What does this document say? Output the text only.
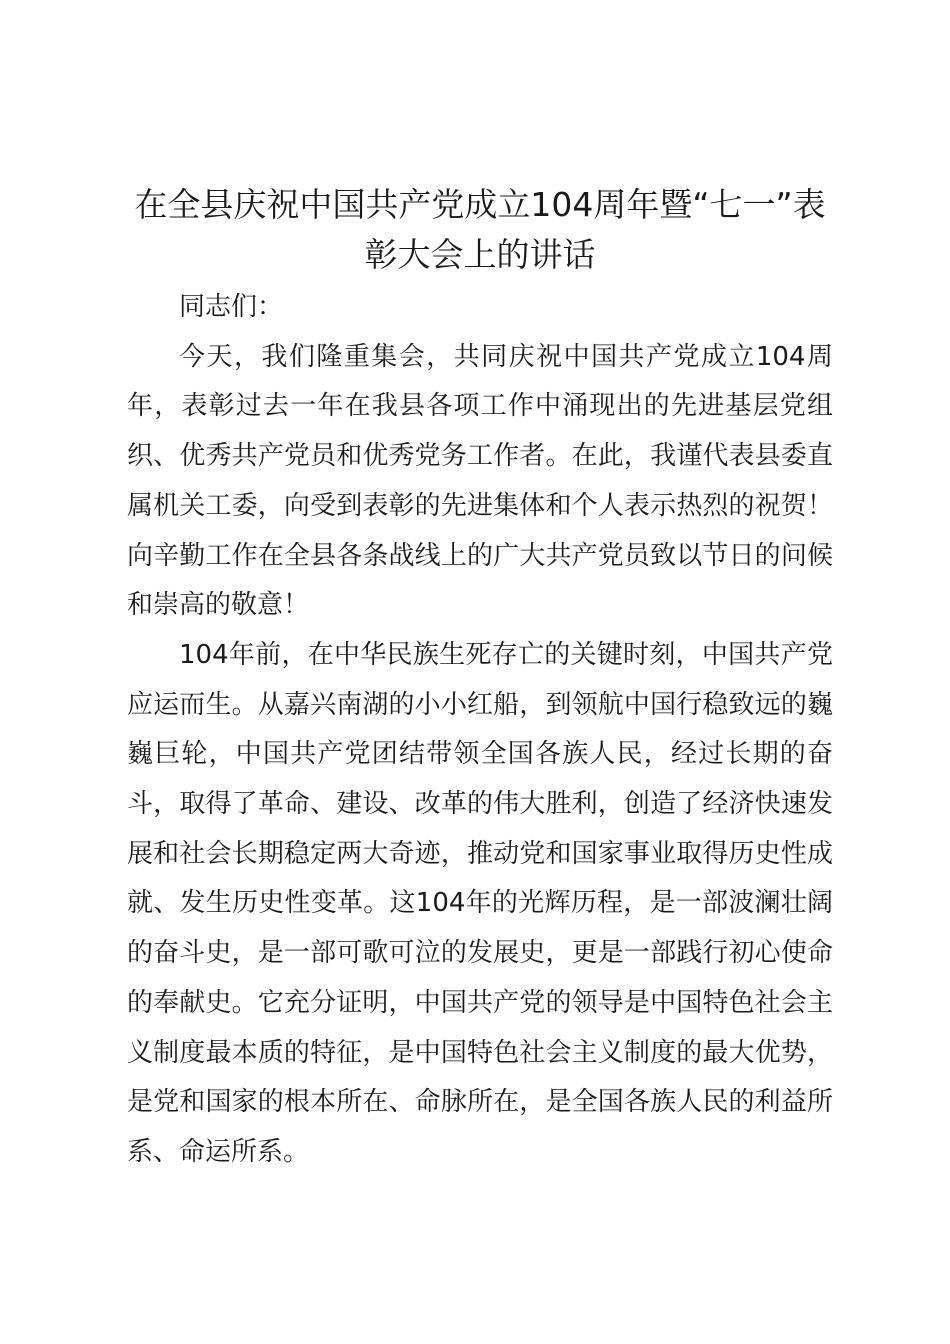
在全县庆祝中国共产党成立104周年暨“七一”表彰大会上的讲话

同志们：

今天，我们隆重集会，共同庆祝中国共产党成立104周年，表彰过去一年在我县各项工作中涌现出的先进基层党组织、优秀共产党员和优秀党务工作者。在此，我谨代表县委直属机关工委，向受到表彰的先进集体和个人表示热烈的祝贺！向辛勤工作在全县各条战线上的广大共产党员致以节日的问候和崇高的敬意！

104年前，在中华民族生死存亡的关键时刻，中国共产党应运而生。从嘉兴南湖的小小红船，到领航中国行稳致远的巍巍巨轮，中国共产党团结带领全国各族人民，经过长期的奋斗，取得了革命、建设、改革的伟大胜利，创造了经济快速发展和社会长期稳定两大奇迹，推动党和国家事业取得历史性成就、发生历史性变革。这104年的光辉历程，是一部波澜壮阔的奋斗史，是一部可歌可泣的发展史，更是一部践行初心使命的奉献史。它充分证明，中国共产党的领导是中国特色社会主义制度最本质的特征，是中国特色社会主义制度的最大优势，是党和国家的根本所在、命脉所在，是全国各族人民的利益所系、命运所系。
